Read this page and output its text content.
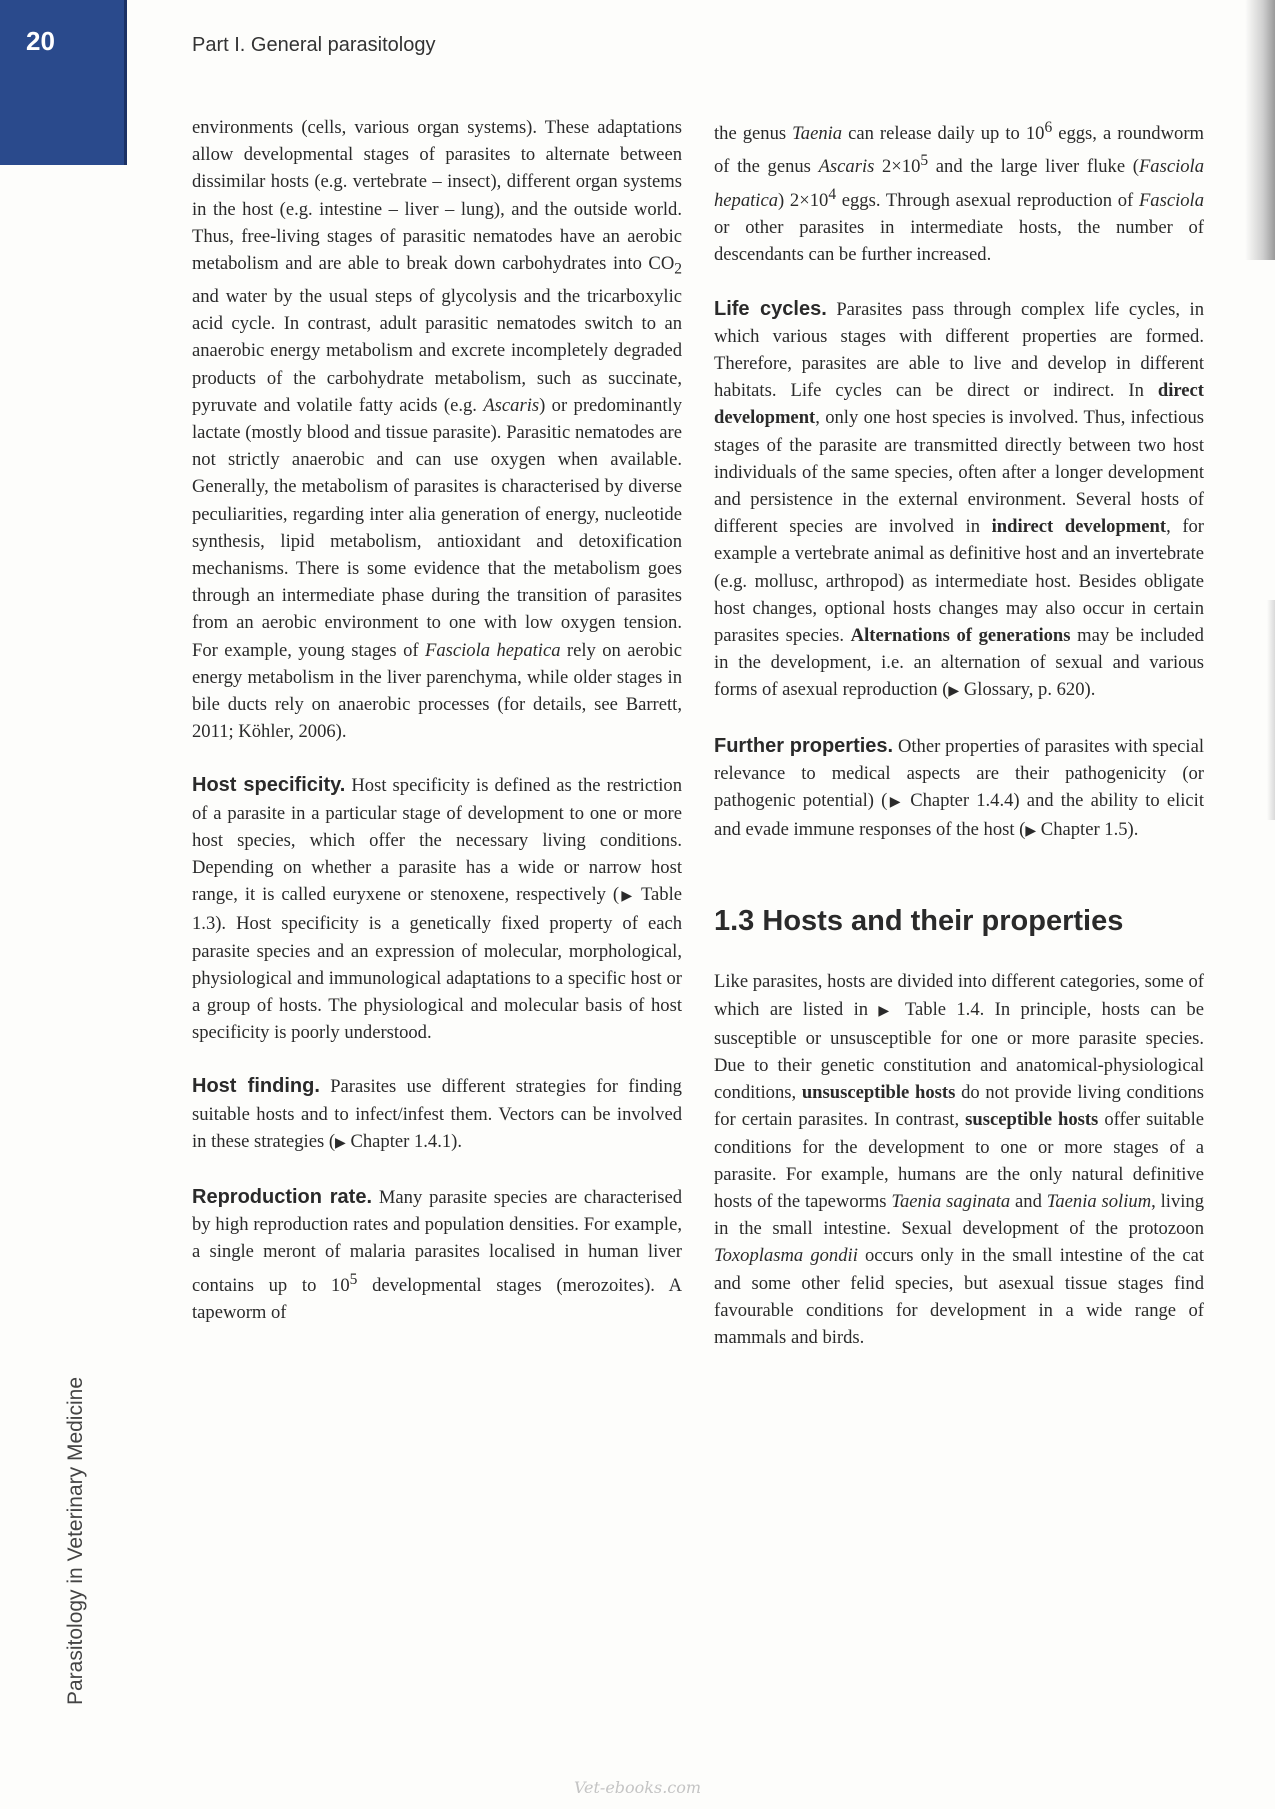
20	Part I. General parasitology
Parasitology in Veterinary Medicine

environments (cells, various organ systems). These adaptations allow developmental stages of parasites to alternate between dissimilar hosts (e.g. vertebrate – insect), different organ systems in the host (e.g. intestine – liver – lung), and the outside world. Thus, free-living stages of parasitic nematodes have an aerobic metabolism and are able to break down carbohydrates into $CO_2$ and water by the usual steps of glycolysis and the tricarboxylic acid cycle. In contrast, adult parasitic nematodes switch to an anaerobic energy metabolism and excrete incompletely degraded products of the carbohydrate metabolism, such as succinate, pyruvate and volatile fatty acids (e.g. Ascaris) or predominantly lactate (mostly blood and tissue parasite). Parasitic nematodes are not strictly anaerobic and can use oxygen when available. Generally, the metabolism of parasites is characterised by diverse peculiarities, regarding inter alia generation of energy, nucleotide synthesis, lipid metabolism, antioxidant and detoxification mechanisms. There is some evidence that the metabolism goes through an intermediate phase during the transition of parasites from an aerobic environment to one with low oxygen tension. For example, young stages of Fasciola hepatica rely on aerobic energy metabolism in the liver parenchyma, while older stages in bile ducts rely on anaerobic processes (for details, see Barrett, 2011; Köhler, 2006).

Host specificity. Host specificity is defined as the restriction of a parasite in a particular stage of development to one or more host species, which offer the necessary living conditions. Depending on whether a parasite has a wide or narrow host range, it is called euryxene or stenoxene, respectively (▶ Table 1.3). Host specificity is a genetically fixed property of each parasite species and an expression of molecular, morphological, physiological and immunological adaptations to a specific host or a group of hosts. The physiological and molecular basis of host specificity is poorly understood.

Host finding. Parasites use different strategies for finding suitable hosts and to infect/infest them. Vectors can be involved in these strategies (▶ Chapter 1.4.1).

Reproduction rate. Many parasite species are characterised by high reproduction rates and population densities. For example, a single meront of malaria parasites localised in human liver contains up to $10^5$ developmental stages (merozoites). A tapeworm of

the genus Taenia can release daily up to $10^6$ eggs, a roundworm of the genus Ascaris $2\times 10^5$ and the large liver fluke (Fasciola hepatica) $2\times 10^4$ eggs. Through asexual reproduction of Fasciola or other parasites in intermediate hosts, the number of descendants can be further increased.

Life cycles. Parasites pass through complex life cycles, in which various stages with different properties are formed. Therefore, parasites are able to live and develop in different habitats. Life cycles can be direct or indirect. In direct development, only one host species is involved. Thus, infectious stages of the parasite are transmitted directly between two host individuals of the same species, often after a longer development and persistence in the external environment. Several hosts of different species are involved in indirect development, for example a vertebrate animal as definitive host and an invertebrate (e.g. mollusc, arthropod) as intermediate host. Besides obligate host changes, optional hosts changes may also occur in certain parasites species. Alternations of generations may be included in the development, i.e. an alternation of sexual and various forms of asexual reproduction (▶ Glossary, p. 620).

Further properties. Other properties of parasites with special relevance to medical aspects are their pathogenicity (or pathogenic potential) (▶ Chapter 1.4.4) and the ability to elicit and evade immune responses of the host (▶ Chapter 1.5).

1.3 Hosts and their properties

Like parasites, hosts are divided into different categories, some of which are listed in ▶ Table 1.4. In principle, hosts can be susceptible or unsusceptible for one or more parasite species. Due to their genetic constitution and anatomical-physiological conditions, unsusceptible hosts do not provide living conditions for certain parasites. In contrast, susceptible hosts offer suitable conditions for the development to one or more stages of a parasite. For example, humans are the only natural definitive hosts of the tapeworms Taenia saginata and Taenia solium, living in the small intestine. Sexual development of the protozoon Toxoplasma gondii occurs only in the small intestine of the cat and some other felid species, but asexual tissue stages find favourable conditions for development in a wide range of mammals and birds.

Vet-ebooks.com
